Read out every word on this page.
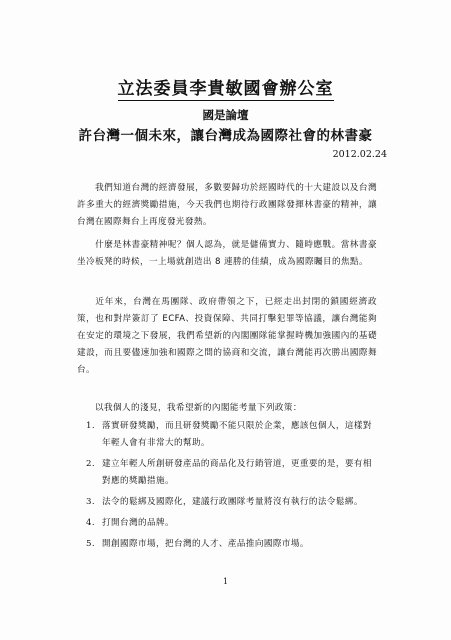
立法委員李貴敏國會辦公室
國是論壇
許台灣一個未來，讓台灣成為國際社會的林書豪
2012.02.24

我們知道台灣的經濟發展，多數要歸功於經國時代的十大建設以及台灣許多重大的經濟獎勵措施，今天我們也期待行政團隊發揮林書豪的精神，讓台灣在國際舞台上再度發光發熱。

什麼是林書豪精神呢？個人認為，就是儲備實力、隨時應戰。當林書豪坐冷板凳的時候，一上場就創造出 8 連勝的佳績，成為國際矚目的焦點。

近年來，台灣在馬團隊、政府帶領之下，已經走出封閉的鎖國經濟政策，也和對岸簽訂了 ECFA、投資保障、共同打擊犯罪等協議，讓台灣能夠在安定的環境之下發展，我們希望新的內閣團隊能掌握時機加強國內的基礎建設，而且要儘速加強和國際之間的協商和交流，讓台灣能再次勝出國際舞台。

以我個人的淺見，我希望新的內閣能考量下列政策：

1. 落實研發獎勵，而且研發獎勵不能只限於企業，應該包個人，這樣對年輕人會有非常大的幫助。
2. 建立年輕人所創研發產品的商品化及行銷管道，更重要的是，要有相對應的獎勵措施。
3. 法令的鬆綁及國際化，建議行政團隊考量將沒有執行的法令鬆綁。
4. 打開台灣的品牌。
5. 開創國際市場，把台灣的人才、產品推向國際市場。
1
